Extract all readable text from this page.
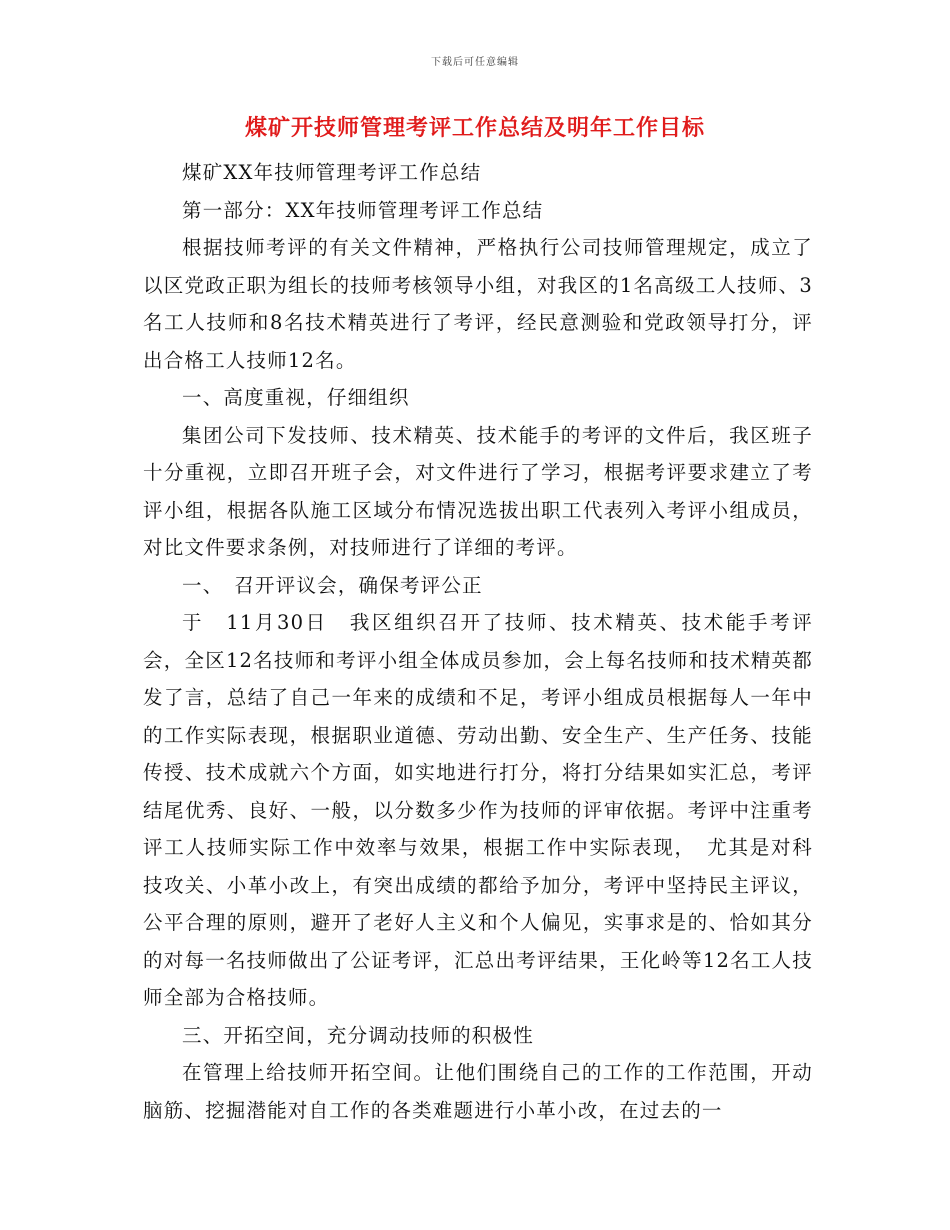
下载后可任意编辑
煤矿开技师管理考评工作总结及明年工作目标

煤矿XX年技师管理考评工作总结

第一部分：XX年技师管理考评工作总结

根据技师考评的有关文件精神，严格执行公司技师管理规定，成立了以区党政正职为组长的技师考核领导小组，对我区的1名高级工人技师、3名工人技师和8名技术精英进行了考评，经民意测验和党政领导打分，评出合格工人技师12名。

一、高度重视，仔细组织

集团公司下发技师、技术精英、技术能手的考评的文件后，我区班子十分重视，立即召开班子会，对文件进行了学习，根据考评要求建立了考评小组，根据各队施工区域分布情况选拔出职工代表列入考评小组成员，对比文件要求条例，对技师进行了详细的考评。

一、　召开评议会，确保考评公正

于　11月30日　我区组织召开了技师、技术精英、技术能手考评会，全区12名技师和考评小组全体成员参加，会上每名技师和技术精英都发了言，总结了自己一年来的成绩和不足，考评小组成员根据每人一年中的工作实际表现，根据职业道德、劳动出勤、安全生产、生产任务、技能传授、技术成就六个方面，如实地进行打分，将打分结果如实汇总，考评结尾优秀、良好、一般，以分数多少作为技师的评审依据。考评中注重考评工人技师实际工作中效率与效果，根据工作中实际表现，　尤其是对科技攻关、小革小改上，有突出成绩的都给予加分，考评中坚持民主评议，公平合理的原则，避开了老好人主义和个人偏见，实事求是的、恰如其分的对每一名技师做出了公证考评，汇总出考评结果，王化岭等12名工人技师全部为合格技师。

三、开拓空间，充分调动技师的积极性

在管理上给技师开拓空间。让他们围绕自己的工作的工作范围，开动脑筋、挖掘潜能对自工作的各类难题进行小革小改，在过去的一
